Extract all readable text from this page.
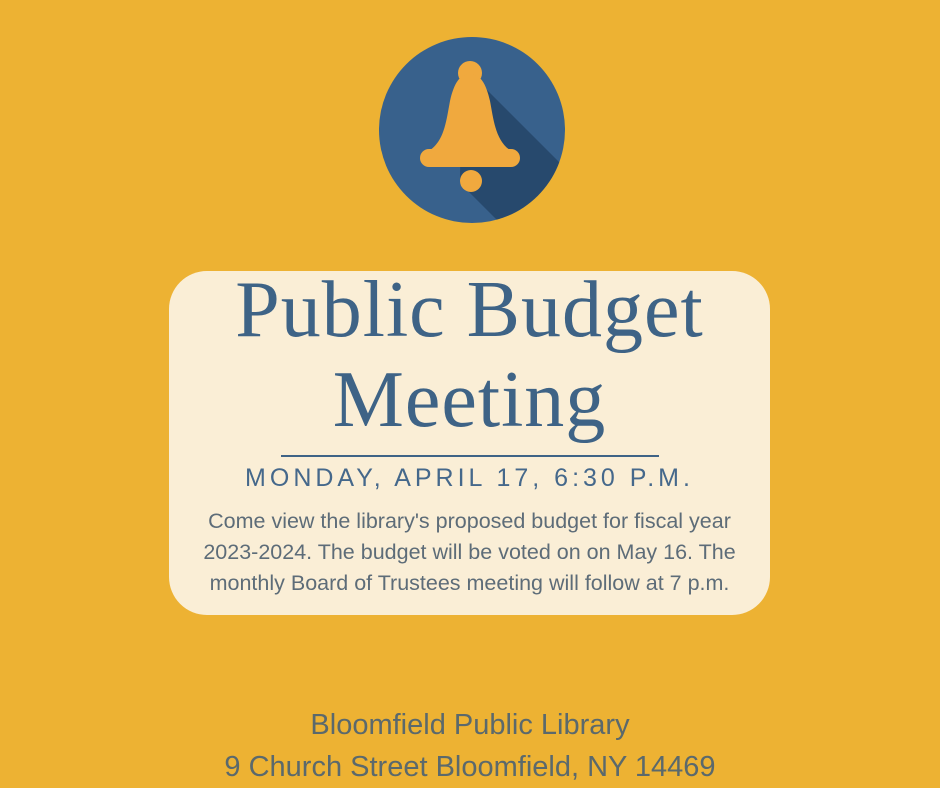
Public Budget
Meeting
MONDAY, APRIL 17, 6:30 P.M.

Come view the library's proposed budget for fiscal year
2023-2024. The budget will be voted on on May 16. The
monthly Board of Trustees meeting will follow at 7 p.m.

Bloomfield Public Library
9 Church Street Bloomfield, NY 14469
